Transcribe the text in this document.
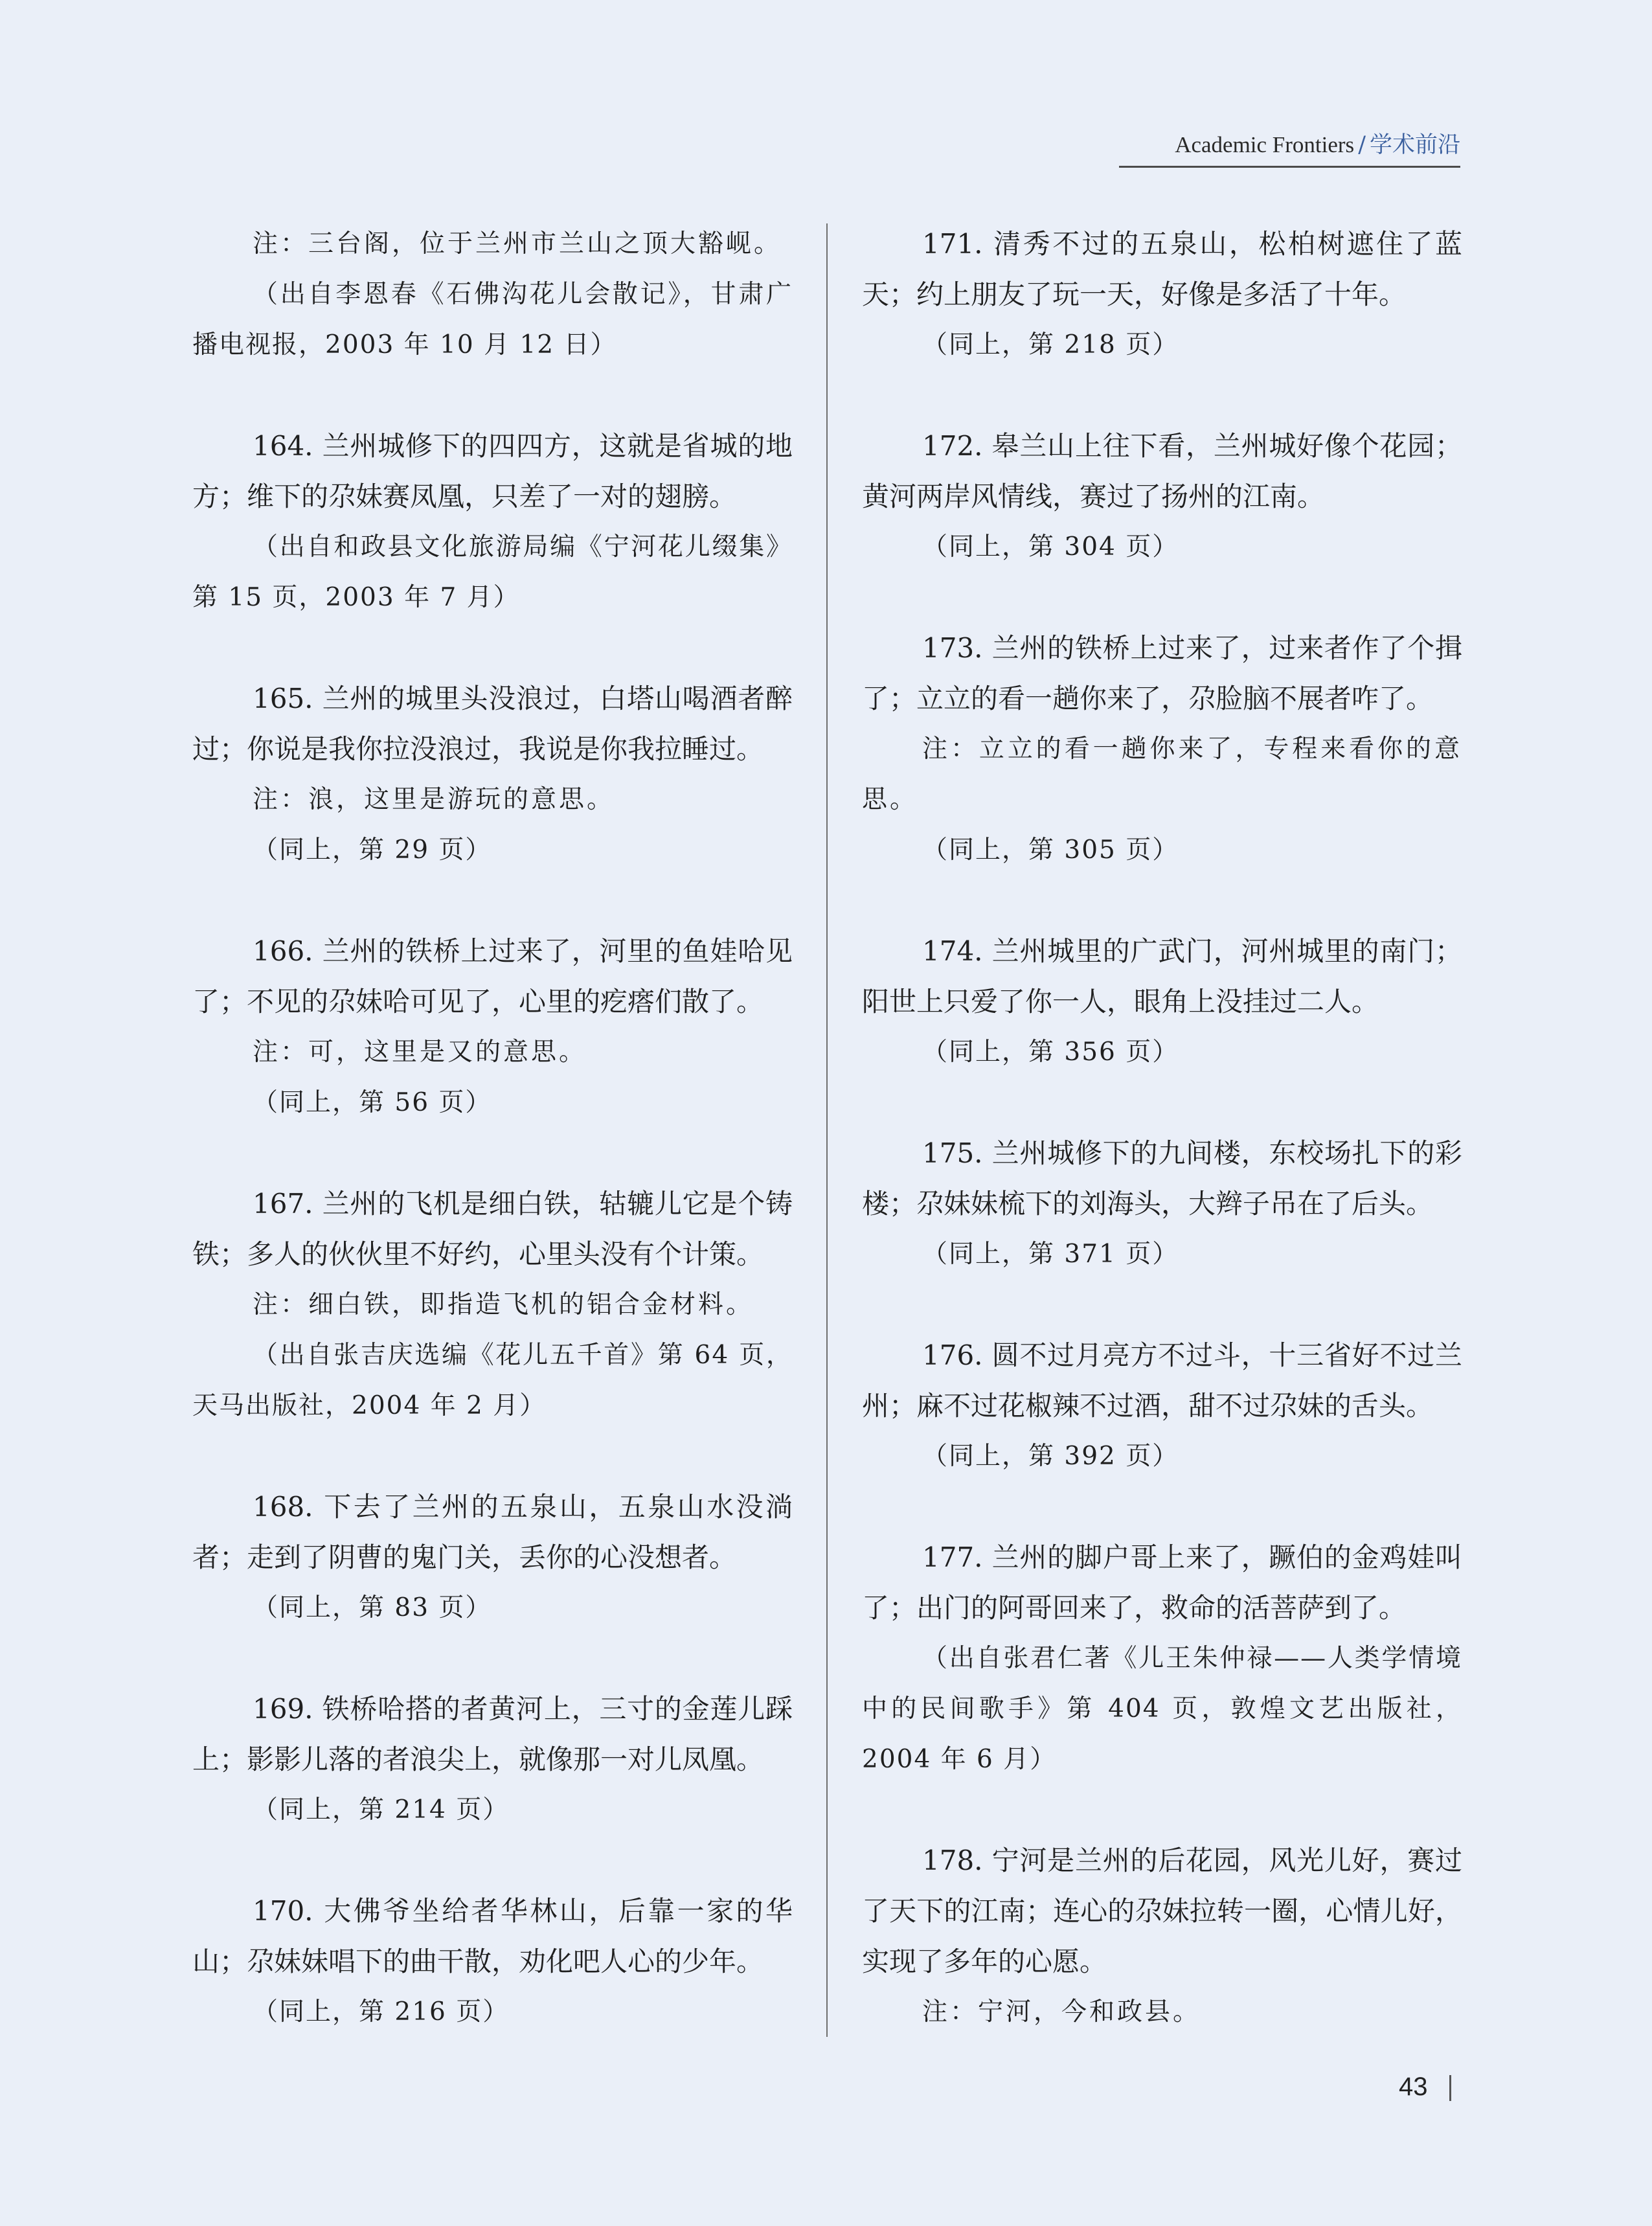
Academic Frontiers / 学术前沿

注：三台阁，位于兰州市兰山之顶大豁岘。

（出自李恩春《石佛沟花儿会散记》，甘肃广播电视报，2003 年 10 月 12 日）

164. 兰州城修下的四四方，这就是省城的地方；维下的尕妹赛凤凰，只差了一对的翅膀。

（出自和政县文化旅游局编《宁河花儿缀集》第 15 页，2003 年 7 月）

165. 兰州的城里头没浪过，白塔山喝酒者醉过；你说是我你拉没浪过，我说是你我拉睡过。

注：浪，这里是游玩的意思。

（同上，第 29 页）

166. 兰州的铁桥上过来了，河里的鱼娃哈见了；不见的尕妹哈可见了，心里的疙瘩们散了。

注：可，这里是又的意思。

（同上，第 56 页）

167. 兰州的飞机是细白铁，轱辘儿它是个铸铁；多人的伙伙里不好约，心里头没有个计策。

注：细白铁，即指造飞机的铝合金材料。

（出自张吉庆选编《花儿五千首》第 64 页，天马出版社，2004 年 2 月）

168. 下去了兰州的五泉山，五泉山水没淌者；走到了阴曹的鬼门关，丢你的心没想者。

（同上，第 83 页）

169. 铁桥哈搭的者黄河上，三寸的金莲儿踩上；影影儿落的者浪尖上，就像那一对儿凤凰。

（同上，第 214 页）

170. 大佛爷坐给者华林山，后靠一家的华山；尕妹妹唱下的曲干散，劝化吧人心的少年。

（同上，第 216 页）

171. 清秀不过的五泉山，松柏树遮住了蓝天；约上朋友了玩一天，好像是多活了十年。

（同上，第 218 页）

172. 皋兰山上往下看，兰州城好像个花园；黄河两岸风情线，赛过了扬州的江南。

（同上，第 304 页）

173. 兰州的铁桥上过来了，过来者作了个揖了；立立的看一趟你来了，尕脸脑不展者咋了。

注：立立的看一趟你来了，专程来看你的意思。

（同上，第 305 页）

174. 兰州城里的广武门，河州城里的南门；阳世上只爱了你一人，眼角上没挂过二人。

（同上，第 356 页）

175. 兰州城修下的九间楼，东校场扎下的彩楼；尕妹妹梳下的刘海头，大辫子吊在了后头。

（同上，第 371 页）

176. 圆不过月亮方不过斗，十三省好不过兰州；麻不过花椒辣不过酒，甜不过尕妹的舌头。

（同上，第 392 页）

177. 兰州的脚户哥上来了，蹶伯的金鸡娃叫了；出门的阿哥回来了，救命的活菩萨到了。

（出自张君仁著《儿王朱仲禄——人类学情境中的民间歌手》第 404 页，敦煌文艺出版社，2004 年 6 月）

178. 宁河是兰州的后花园，风光儿好，赛过了天下的江南；连心的尕妹拉转一圈，心情儿好，实现了多年的心愿。

注：宁河，今和政县。

43
